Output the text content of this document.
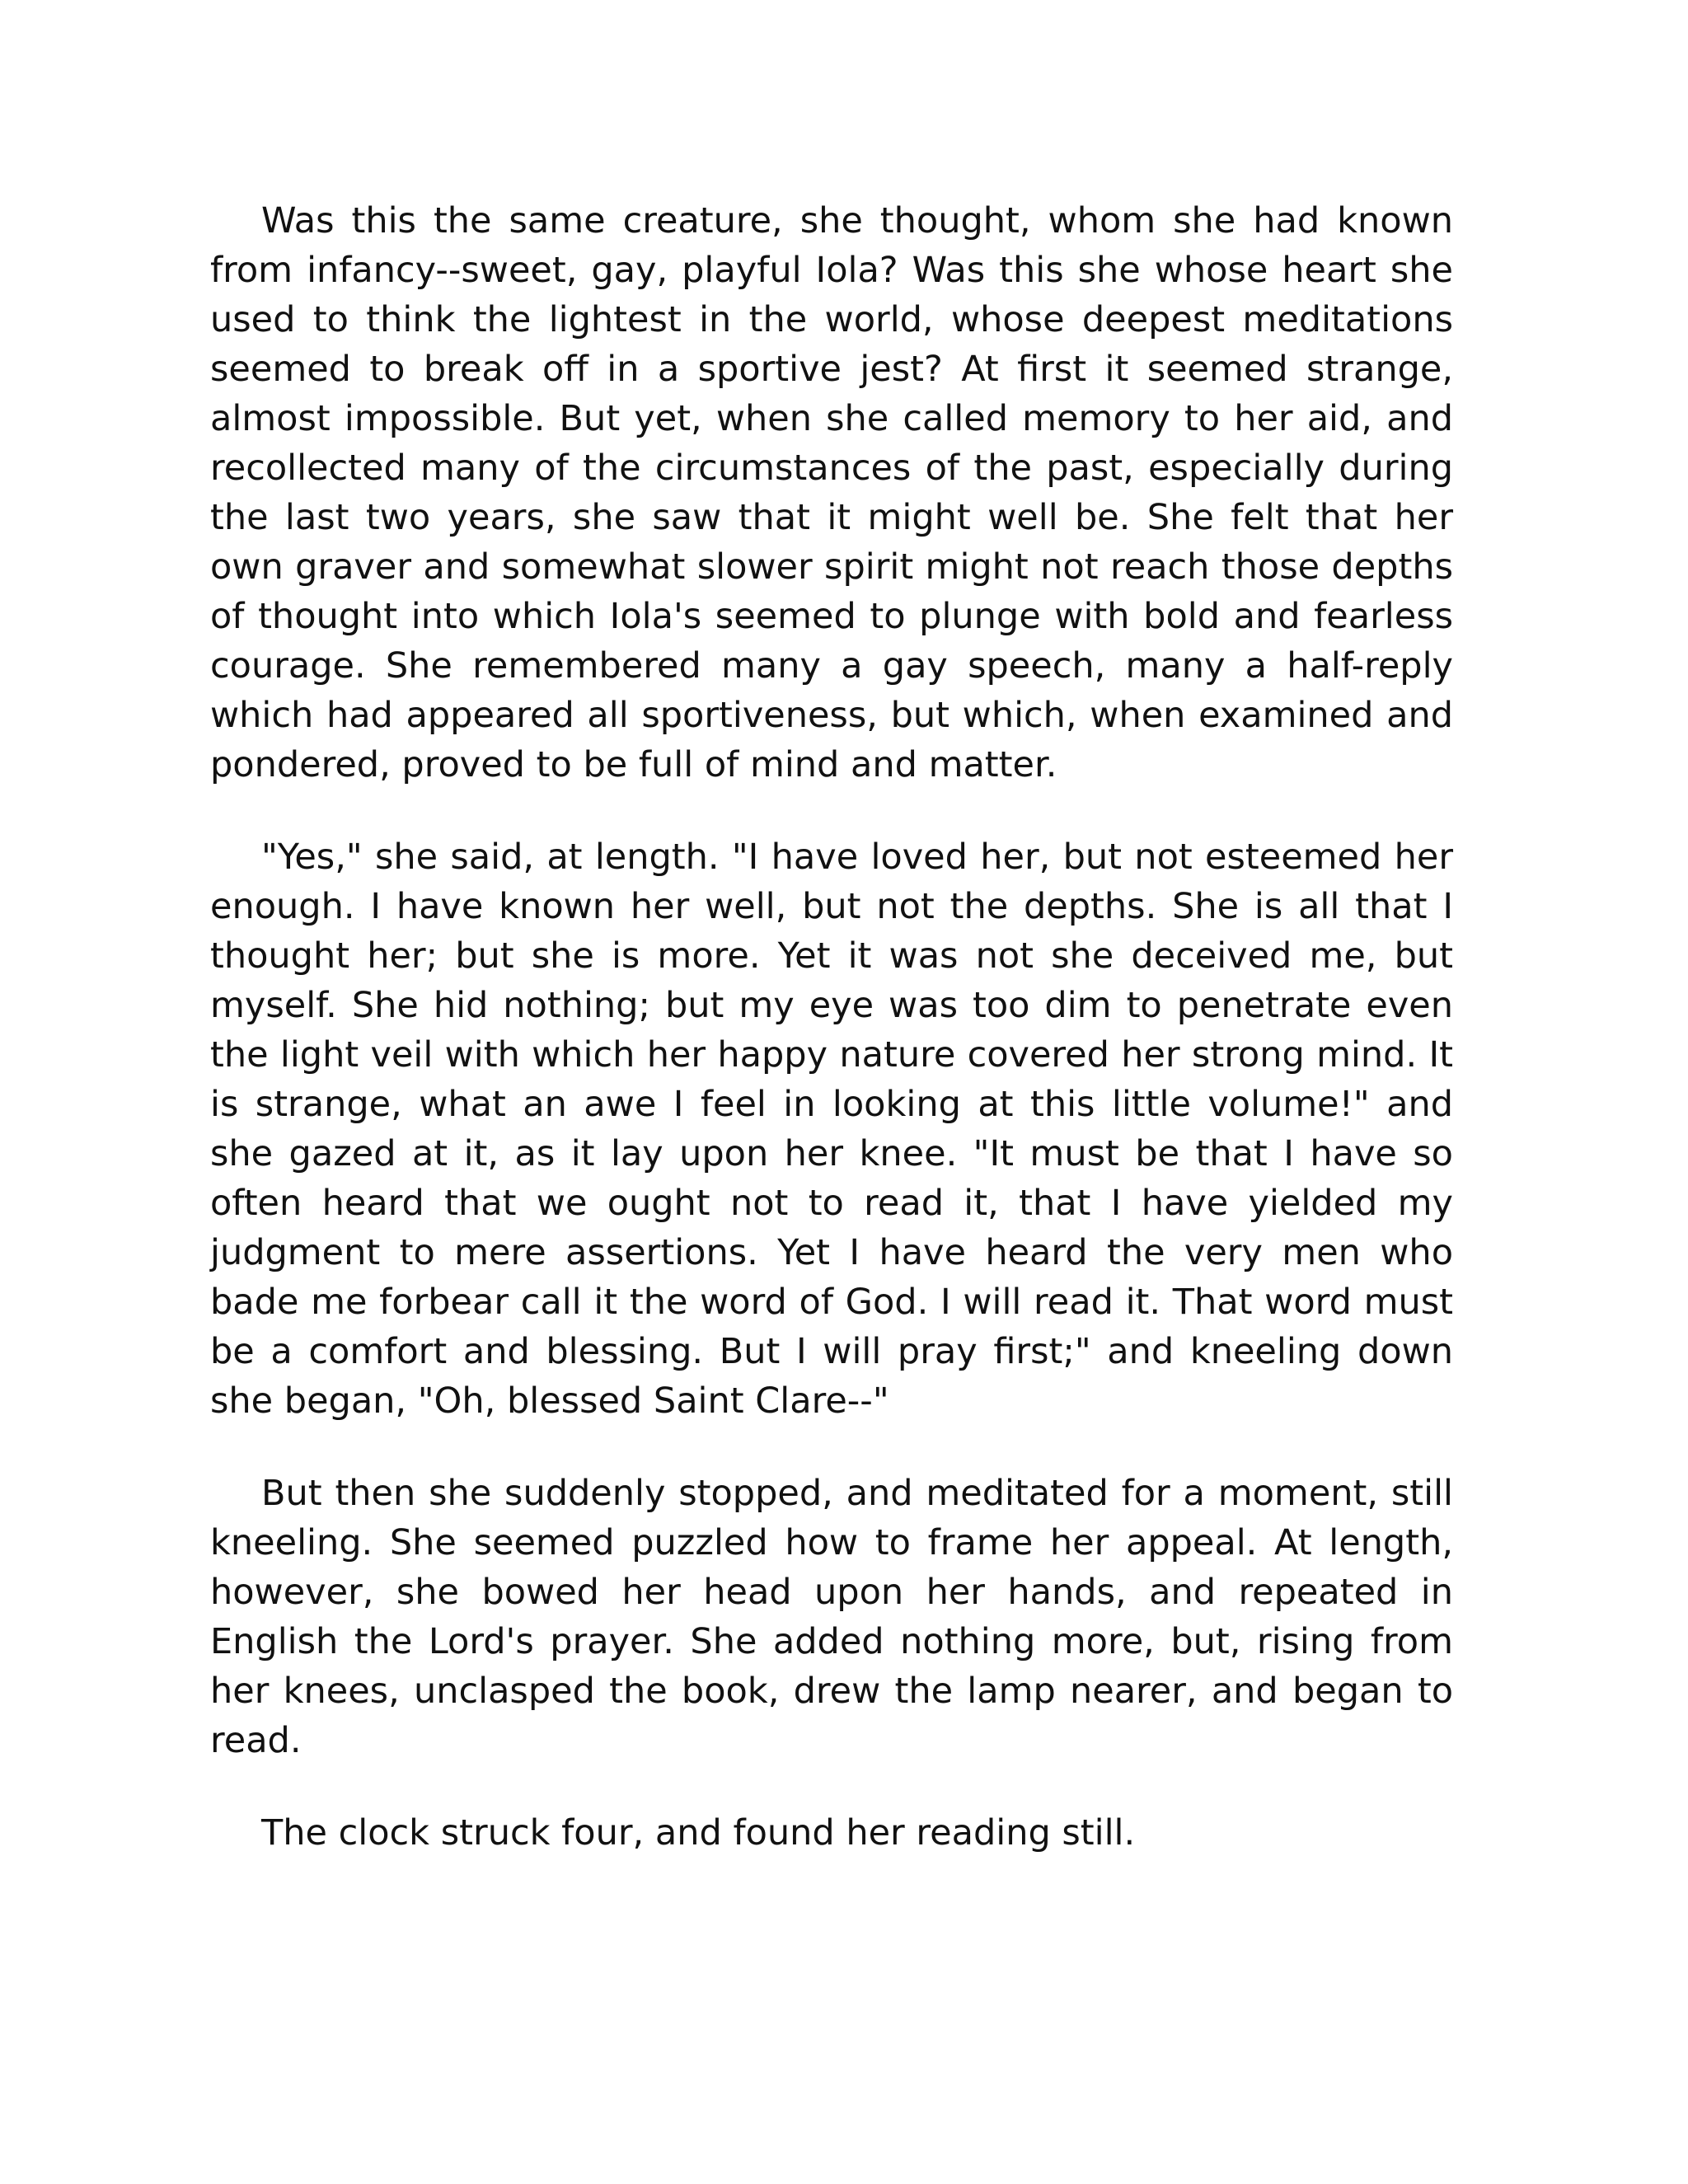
Was this the same creature, she thought, whom she had known from infancy--sweet, gay, playful Iola? Was this she whose heart she used to think the lightest in the world, whose deepest meditations seemed to break off in a sportive jest? At first it seemed strange, almost impossible. But yet, when she called memory to her aid, and recollected many of the circumstances of the past, especially during the last two years, she saw that it might well be. She felt that her own graver and somewhat slower spirit might not reach those depths of thought into which Iola's seemed to plunge with bold and fearless courage. She remembered many a gay speech, many a half-reply which had appeared all sportiveness, but which, when examined and pondered, proved to be full of mind and matter.

"Yes," she said, at length. "I have loved her, but not esteemed her enough. I have known her well, but not the depths. She is all that I thought her; but she is more. Yet it was not she deceived me, but myself. She hid nothing; but my eye was too dim to penetrate even the light veil with which her happy nature covered her strong mind. It is strange, what an awe I feel in looking at this little volume!" and she gazed at it, as it lay upon her knee. "It must be that I have so often heard that we ought not to read it, that I have yielded my judgment to mere assertions. Yet I have heard the very men who bade me forbear call it the word of God. I will read it. That word must be a comfort and blessing. But I will pray first;" and kneeling down she began, "Oh, blessed Saint Clare--"

But then she suddenly stopped, and meditated for a moment, still kneeling. She seemed puzzled how to frame her appeal. At length, however, she bowed her head upon her hands, and repeated in English the Lord's prayer. She added nothing more, but, rising from her knees, unclasped the book, drew the lamp nearer, and began to read.

The clock struck four, and found her reading still.
